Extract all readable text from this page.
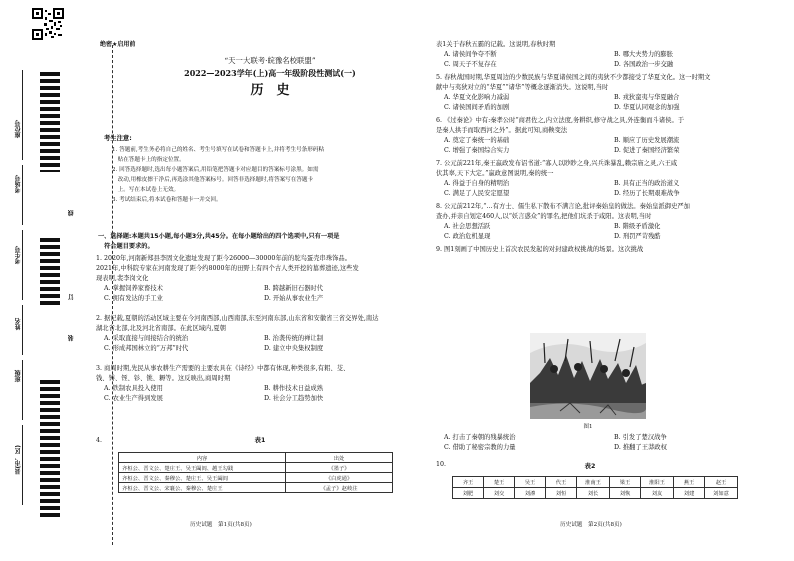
座位号
考场号
考生号
姓名
班级
县(市、区)
线
订
装
绝密★启用前
“天一大联考·皖豫名校联盟”
2022—2023学年(上)高一年级阶段性测试(一)
历　史
考生注意:
1. 答题前,考生务必将自己的姓名、考生号填写在试卷和答题卡上,并将考生号条形码粘
　贴在答题卡上的指定位置。
2. 回答选择题时,选出每小题答案后,用铅笔把答题卡对应题目的答案标号涂黑。如需
　改动,用橡皮擦干净后,再选涂其他答案标号。回答非选择题时,将答案写在答题卡
　上。写在本试卷上无效。
3. 考试结束后,将本试卷和答题卡一并交回。
一、选择题:本题共15小题,每小题3分,共45分。在每小题给出的四个选项中,只有一项是
　符合题目要求的。
1. 2020年,河南新郑县李固文化遗址发现了距今26000—30000年前的鸵鸟蛋壳串珠饰品。
2021年,中科院专家在河南发现了距今约8000年的田野上有四个古人类开挖的墓葬遗迹,这些发
现表明,裴李岗文化
A. 掌握饲养家畜技术	B. 跨越新旧石器时代
C. 拥有发达的手工业	D. 开始从事农业生产
2. 据记载,夏朝的活动区域主要在今河南西部,山西南部,东至河南东部,山东省和安徽省三省交界处,南达
湖北省北部,北及河北省南部。在此区域内,夏朝
A. 采取直接与间接结合的统治	B. 治袭传统的禅让制
C. 形成邦国林立的“万邦”时代	D. 建立中央集权制度
3. 商周时期,先民从事农耕生产需要的主要农具在《诗经》中都有体现,种类很多,有耜、芟、
钱、镈、铚、钐、铫、耨等。这反映出,商周时期
A. 铁制农具投入使用	B. 耕作技术日益成熟
C. 农业生产得到发展	D. 社会分工趋势加快
4.	表1
内容	出处
齐桓公、晋文公、楚庄王、吴王阖闾、越王勾践	《墨子》
齐桓公、晋文公、秦穆公、楚庄王、吴王阖闾	《白虎通》
齐桓公、晋文公、宋襄公、秦穆公、楚庄王	《孟子》赵岐注
历史试题　第1页(共8页)
表1关于春秋五霸的记载。这说明,春秋时期
A. 诸侯间争夺不断	B. 哪大夫势力的膨胀
C. 周天子不复存在	D. 各国政治一步交融
5. 春秋战国时期,华夏周边的少数民族与华夏诸侯国之间的夷狄不少都接受了华夏文化。这一时期文
献中与夷狄对立的“华夏”“诸华”等概念逐渐消失。这说明,当时
A. 华夏文化影响力减弱	B. 戎狄蛮夷与华夏融合
C. 诸侯国间矛盾的加剧	D. 华夏认同观念的加强
6. 《过秦论》中有:秦孝公时“商君佐之,内立法度,务耕织,修守战之具,外连衡而斗诸侯。于
是秦人拱手而取西河之外”。据此可知,商鞅变法
A. 奠定了秦统一的基础	B. 顺应了历史发展潮流
C. 增强了秦国综合实力	D. 促进了秦国经济繁荣
7. 公元前221年,秦王嬴政发布诏书道:“寡人以眇眇之身,兴兵诛暴乱,赖宗庙之灵,六王咸
伏其辜,天下大定。”嬴政意图说明,秦的统一
A. 得益于自身的精明治	B. 具有正当的政治道义
C. 满足了人民安定愿望	D. 经历了长期艰难战争
8. 公元前212年,“…有方士、儒生私下散布不满言论,批评秦始皇的做法。秦始皇派御史严加
查办,并亲自划定460人,以“妖言惑众”的罪名,把他们坑杀于咸阳。这表明,当时
A. 社会思想活跃	B. 階级矛盾激化
C. 政治危机显现	D. 刑罚严苛残酷
9. 图1刻画了中国历史上首次农民发起的对封建政权挑战的场景。这次挑战
图1
A. 打击了秦朝的残暴统治	B. 引发了楚汉战争
C. 借助了秘密宗教的力量	D. 推翻了王莽政权
10.	表2
齐王	楚王	吴王	代王	淮南王	梁王	淮阳王	燕王	赵王
刘肥	刘交	刘濞	刘恒	刘长	刘恢	刘友	刘建	刘如意
历史试题　第2页(共8页)
